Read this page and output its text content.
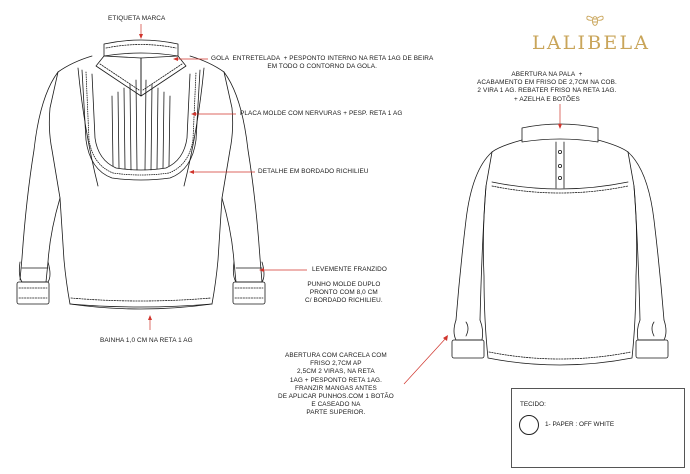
LALIBELA
ETIQUETA MARCA
GOLA  ENTRETELADA  + PESPONTO INTERNO NA RETA 1AG DE BEIRA
EM TODO O CONTORNO DA GOLA.
PLACA MOLDE COM NERVURAS + PESP. RETA 1 AG
DETALHE EM BORDADO RICHILIEU
LEVEMENTE FRANZIDO
PUNHO MOLDE DUPLO
PRONTO COM 8,0 CM
C/ BORDADO RICHILIEU.
BAINHA 1,0 CM NA RETA 1 AG
ABERTURA NA PALA  +
ACABAMENTO EM FRISO DE 2,7CM NA COB.
2 VIRA 1 AG. REBATER FRISO NA RETA 1AG.
+ AZELHA E BOTÕES
ABERTURA COM CARCELA COM
FRISO 2,7CM AP
2,5CM 2 VIRAS, NA RETA
1AG + PESPONTO RETA 1AG.
FRANZIR MANGAS ANTES
DE APLICAR PUNHOS.COM 1 BOTÃO
E CASEADO NA
PARTE SUPERIOR.
TECIDO:
1- PAPER : OFF WHITE
